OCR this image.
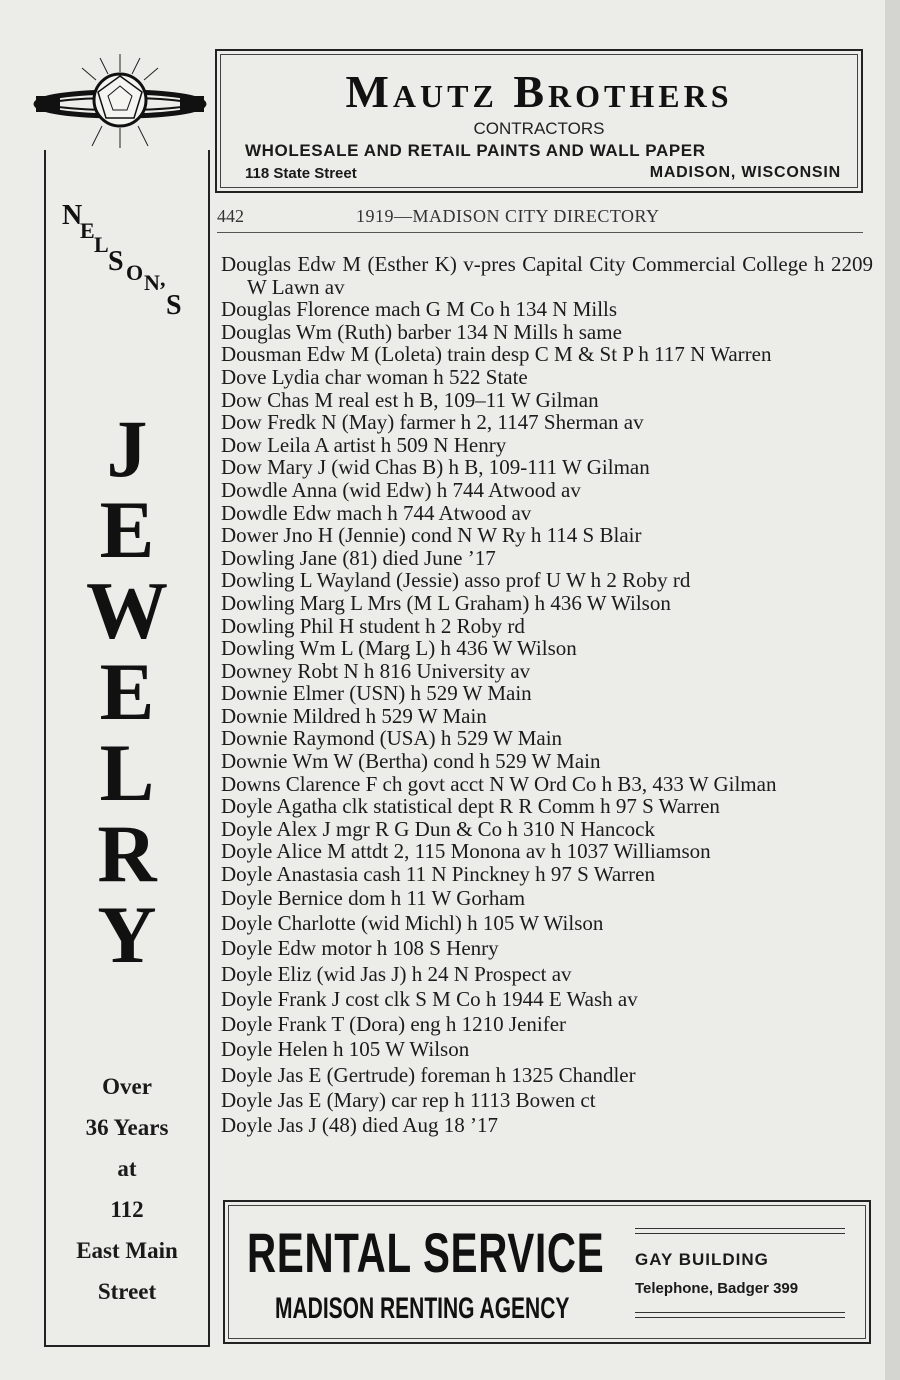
N
E
L
S O N ,
S
J
E
W
E
L
R
Y
Over
36 Years
at
112
East Main
Street
Mautz Brothers
CONTRACTORS
WHOLESALE AND RETAIL PAINTS AND WALL PAPER
118 State Street	MADISON, WISCONSIN
442	1919—MADISON CITY DIRECTORY
Douglas Edw M (Esther K) v-pres Capital City Commercial College h 2209 W Lawn av
Douglas Florence mach G M Co h 134 N Mills
Douglas Wm (Ruth) barber 134 N Mills h same
Dousman Edw M (Loleta) train desp C M & St P h 117 N Warren
Dove Lydia char woman h 522 State
Dow Chas M real est h B, 109–11 W Gilman
Dow Fredk N (May) farmer h 2, 1147 Sherman av
Dow Leila A artist h 509 N Henry
Dow Mary J (wid Chas B) h B, 109-111 W Gilman
Dowdle Anna (wid Edw) h 744 Atwood av
Dowdle Edw mach h 744 Atwood av
Dower Jno H (Jennie) cond N W Ry h 114 S Blair
Dowling Jane (81) died June ’17
Dowling L Wayland (Jessie) asso prof U W h 2 Roby rd
Dowling Marg L Mrs (M L Graham) h 436 W Wilson
Dowling Phil H student h 2 Roby rd
Dowling Wm L (Marg L) h 436 W Wilson
Downey Robt N h 816 University av
Downie Elmer (USN) h 529 W Main
Downie Mildred h 529 W Main
Downie Raymond (USA) h 529 W Main
Downie Wm W (Bertha) cond h 529 W Main
Downs Clarence F ch govt acct N W Ord Co h B3, 433 W Gilman
Doyle Agatha clk statistical dept R R Comm h 97 S Warren
Doyle Alex J mgr R G Dun & Co h 310 N Hancock
Doyle Alice M attdt 2, 115 Monona av h 1037 Williamson
Doyle Anastasia cash 11 N Pinckney h 97 S Warren
Doyle Bernice dom h 11 W Gorham
Doyle Charlotte (wid Michl) h 105 W Wilson
Doyle Edw motor h 108 S Henry
Doyle Eliz (wid Jas J) h 24 N Prospect av
Doyle Frank J cost clk S M Co h 1944 E Wash av
Doyle Frank T (Dora) eng h 1210 Jenifer
Doyle Helen h 105 W Wilson
Doyle Jas E (Gertrude) foreman h 1325 Chandler
Doyle Jas E (Mary) car rep h 1113 Bowen ct
Doyle Jas J (48) died Aug 18 ’17
RENTAL SERVICE
MADISON RENTING AGENCY
GAY BUILDING
Telephone, Badger 399
